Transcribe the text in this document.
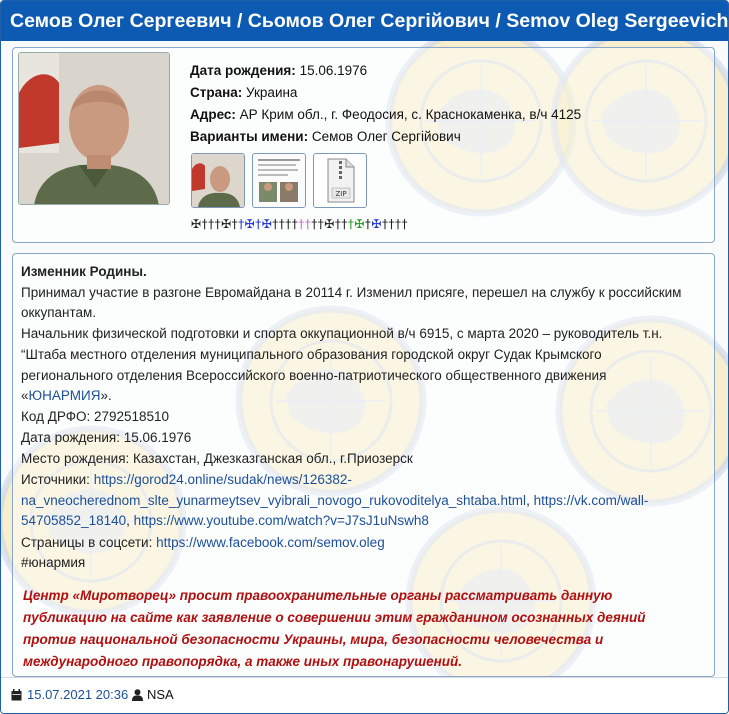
Семов Олег Сергеевич / Сьомов Олег Сергійович / Semov Oleg Sergeevich
Дата рождения: 15.06.1976
Страна: Украина
Адрес: АР Крим обл., г. Феодосия, с. Краснокаменка, в/ч 4125
Варианты имени: Семов Олег Сергійович
ZIP
✠†††✠††✠†✠††††††††✠†††✠†✠††††
Изменник Родины.
Принимал участие в разгоне Евромайдана в 20114 г. Изменил присяге, перешел на службу к российским
оккупантам.
Начальник физической подготовки и спорта оккупационной в/ч 6915, с марта 2020 – руководитель т.н.
“Штаба местного отделения муниципального образования городской округ Судак Крымского
регионального отделения Всероссийского военно-патриотического общественного движения
«ЮНАРМИЯ».
Код ДРФО: 2792518510
Дата рождения: 15.06.1976
Место рождения: Казахстан, Джезказганская обл., г.Приозерск
Источники: https://gorod24.online/sudak/news/126382-
na_vneocherednom_slte_yunarmeytsev_vyibrali_novogo_rukovoditelya_shtaba.html, https://vk.com/wall-
54705852_18140, https://www.youtube.com/watch?v=J7sJ1uNswh8
Страницы в соцсети: https://www.facebook.com/semov.oleg
#юнармия
Центр «Миротворец» просит правоохранительные органы рассматривать данную
публикацию на сайте как заявление о совершении этим гражданином осознанных деяний
против национальной безопасности Украины, мира, безопасности человечества и
международного правопорядка, а также иных правонарушений.
15.07.2021 20:36 NSA
